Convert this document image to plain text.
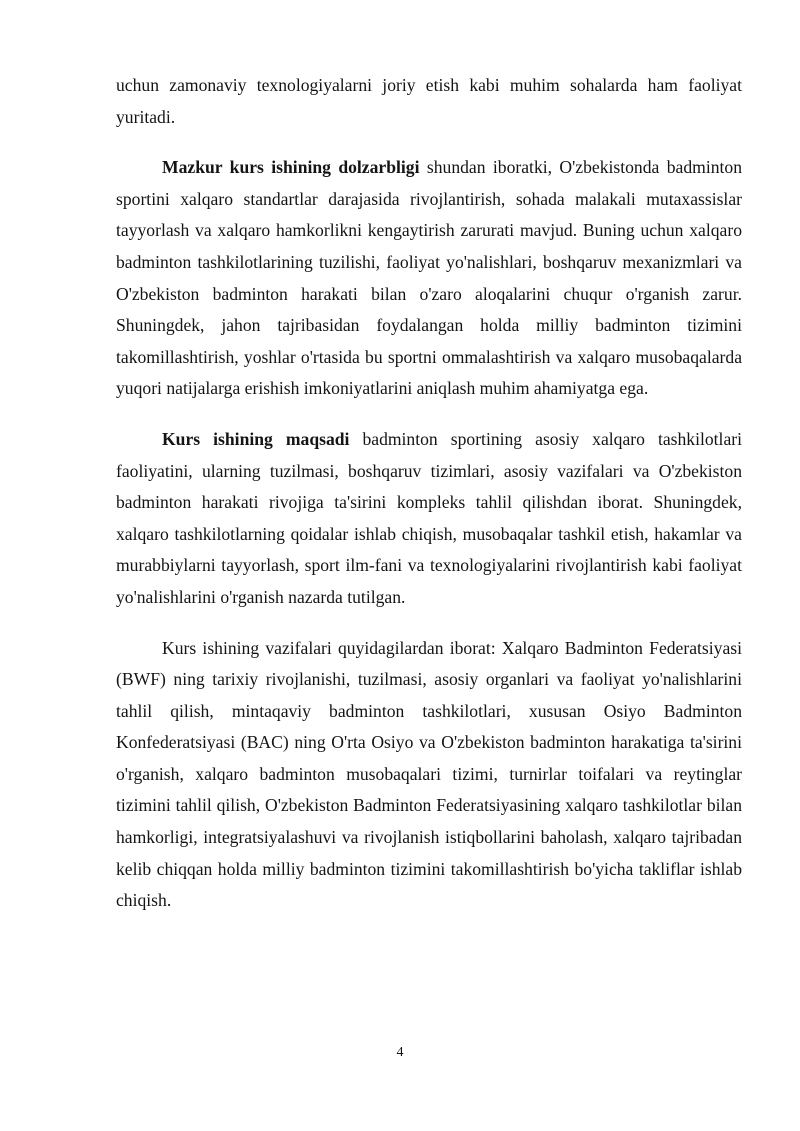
uchun zamonaviy texnologiyalarni joriy etish kabi muhim sohalarda ham faoliyat yuritadi.

Mazkur kurs ishining dolzarbligi shundan iboratki, O'zbekistonda badminton sportini xalqaro standartlar darajasida rivojlantirish, sohada malakali mutaxassislar tayyorlash va xalqaro hamkorlikni kengaytirish zarurati mavjud. Buning uchun xalqaro badminton tashkilotlarining tuzilishi, faoliyat yo'nalishlari, boshqaruv mexanizmlari va O'zbekiston badminton harakati bilan o'zaro aloqalarini chuqur o'rganish zarur. Shuningdek, jahon tajribasidan foydalangan holda milliy badminton tizimini takomillashtirish, yoshlar o'rtasida bu sportni ommalashtirish va xalqaro musobaqalarda yuqori natijalarga erishish imkoniyatlarini aniqlash muhim ahamiyatga ega.

Kurs ishining maqsadi badminton sportining asosiy xalqaro tashkilotlari faoliyatini, ularning tuzilmasi, boshqaruv tizimlari, asosiy vazifalari va O'zbekiston badminton harakati rivojiga ta'sirini kompleks tahlil qilishdan iborat. Shuningdek, xalqaro tashkilotlarning qoidalar ishlab chiqish, musobaqalar tashkil etish, hakamlar va murabbiylarni tayyorlash, sport ilm-fani va texnologiyalarini rivojlantirish kabi faoliyat yo'nalishlarini o'rganish nazarda tutilgan.

Kurs ishining vazifalari quyidagilardan iborat: Xalqaro Badminton Federatsiyasi (BWF) ning tarixiy rivojlanishi, tuzilmasi, asosiy organlari va faoliyat yo'nalishlarini tahlil qilish, mintaqaviy badminton tashkilotlari, xususan Osiyo Badminton Konfederatsiyasi (BAC) ning O'rta Osiyo va O'zbekiston badminton harakatiga ta'sirini o'rganish, xalqaro badminton musobaqalari tizimi, turnirlar toifalari va reytinglar tizimini tahlil qilish, O'zbekiston Badminton Federatsiyasining xalqaro tashkilotlar bilan hamkorligi, integratsiyalashuvi va rivojlanish istiqbollarini baholash, xalqaro tajribadan kelib chiqqan holda milliy badminton tizimini takomillashtirish bo'yicha takliflar ishlab chiqish.

4
